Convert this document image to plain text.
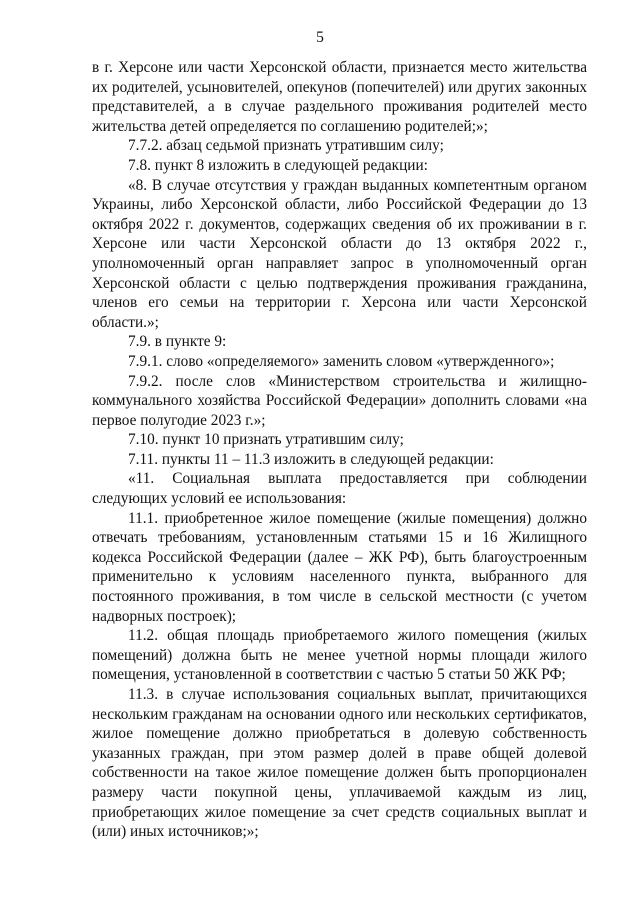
5

в г. Херсоне или части Херсонской области, признается место жительства их родителей, усыновителей, опекунов (попечителей) или других законных представителей, а в случае раздельного проживания родителей место жительства детей определяется по соглашению родителей;»;

7.7.2. абзац седьмой признать утратившим силу;

7.8. пункт 8 изложить в следующей редакции:

«8. В случае отсутствия у граждан выданных компетентным органом Украины, либо Херсонской области, либо Российской Федерации до 13 октября 2022 г. документов, содержащих сведения об их проживании в г. Херсоне или части Херсонской области до 13 октября 2022 г., уполномоченный орган направляет запрос в уполномоченный орган Херсонской области с целью подтверждения проживания гражданина, членов его семьи на территории г. Херсона или части Херсонской области.»;

7.9. в пункте 9:

7.9.1. слово «определяемого» заменить словом «утвержденного»;

7.9.2. после слов «Министерством строительства и жилищно-коммунального хозяйства Российской Федерации» дополнить словами «на первое полугодие 2023 г.»;

7.10. пункт 10 признать утратившим силу;

7.11. пункты 11 – 11.3 изложить в следующей редакции:

«11. Социальная выплата предоставляется при соблюдении следующих условий ее использования:

11.1. приобретенное жилое помещение (жилые помещения) должно отвечать требованиям, установленным статьями 15 и 16 Жилищного кодекса Российской Федерации (далее – ЖК РФ), быть благоустроенным применительно к условиям населенного пункта, выбранного для постоянного проживания, в том числе в сельской местности (с учетом надворных построек);

11.2. общая площадь приобретаемого жилого помещения (жилых помещений) должна быть не менее учетной нормы площади жилого помещения, установленной в соответствии с частью 5 статьи 50 ЖК РФ;

11.3. в случае использования социальных выплат, причитающихся нескольким гражданам на основании одного или нескольких сертификатов, жилое помещение должно приобретаться в долевую собственность указанных граждан, при этом размер долей в праве общей долевой собственности на такое жилое помещение должен быть пропорционален размеру части покупной цены, уплачиваемой каждым из лиц, приобретающих жилое помещение за счет средств социальных выплат и (или) иных источников;»;
